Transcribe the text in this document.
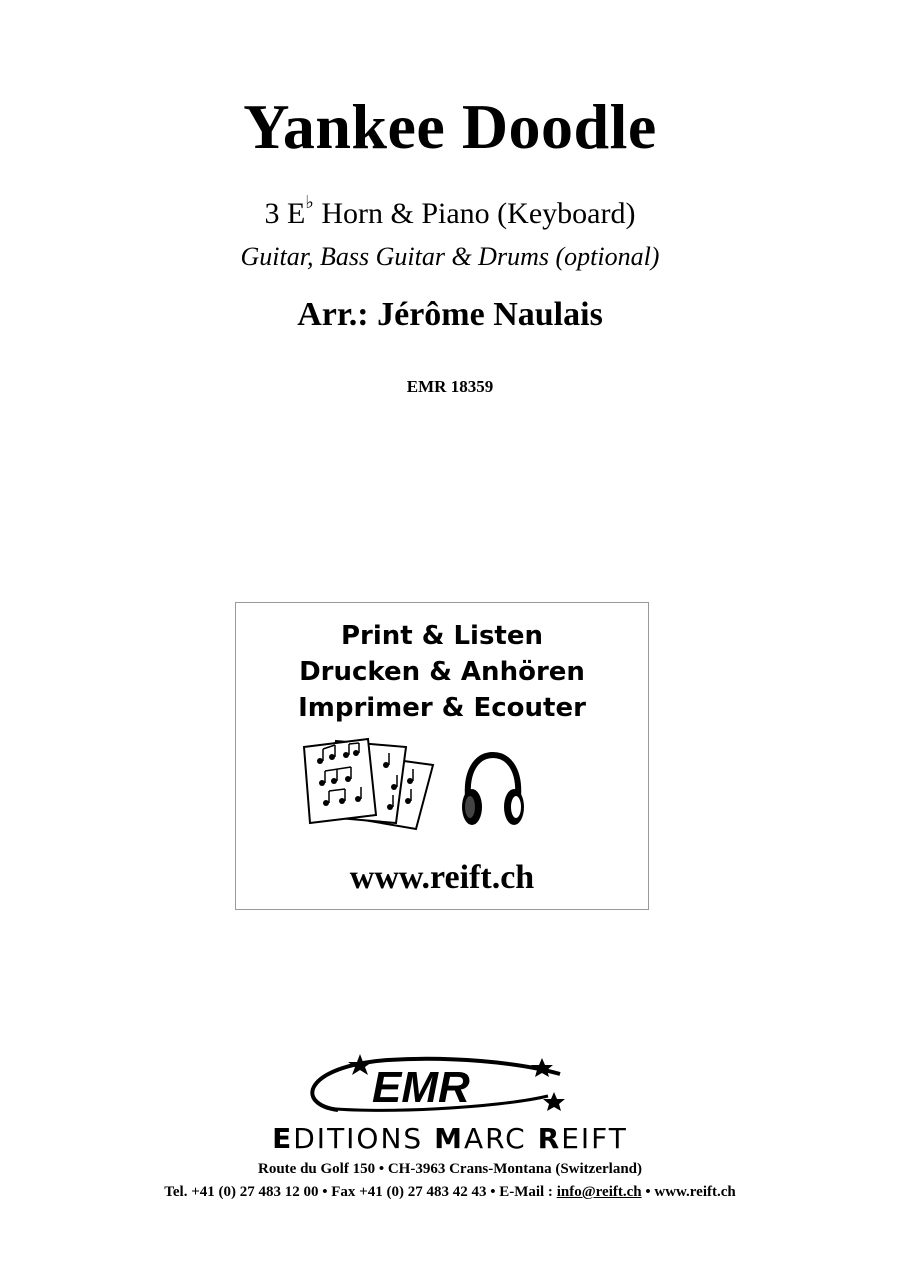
Yankee Doodle
3 E♭ Horn & Piano (Keyboard)
Guitar, Bass Guitar & Drums (optional)
Arr.: Jérôme Naulais
EMR 18359
Print & Listen
Drucken & Anhören
Imprimer & Ecouter
www.reift.ch
EMR
EDITIONS MARC REIFT
Route du Golf 150 • CH-3963 Crans-Montana (Switzerland)
Tel. +41 (0) 27 483 12 00 • Fax +41 (0) 27 483 42 43 • E-Mail : info@reift.ch • www.reift.ch
